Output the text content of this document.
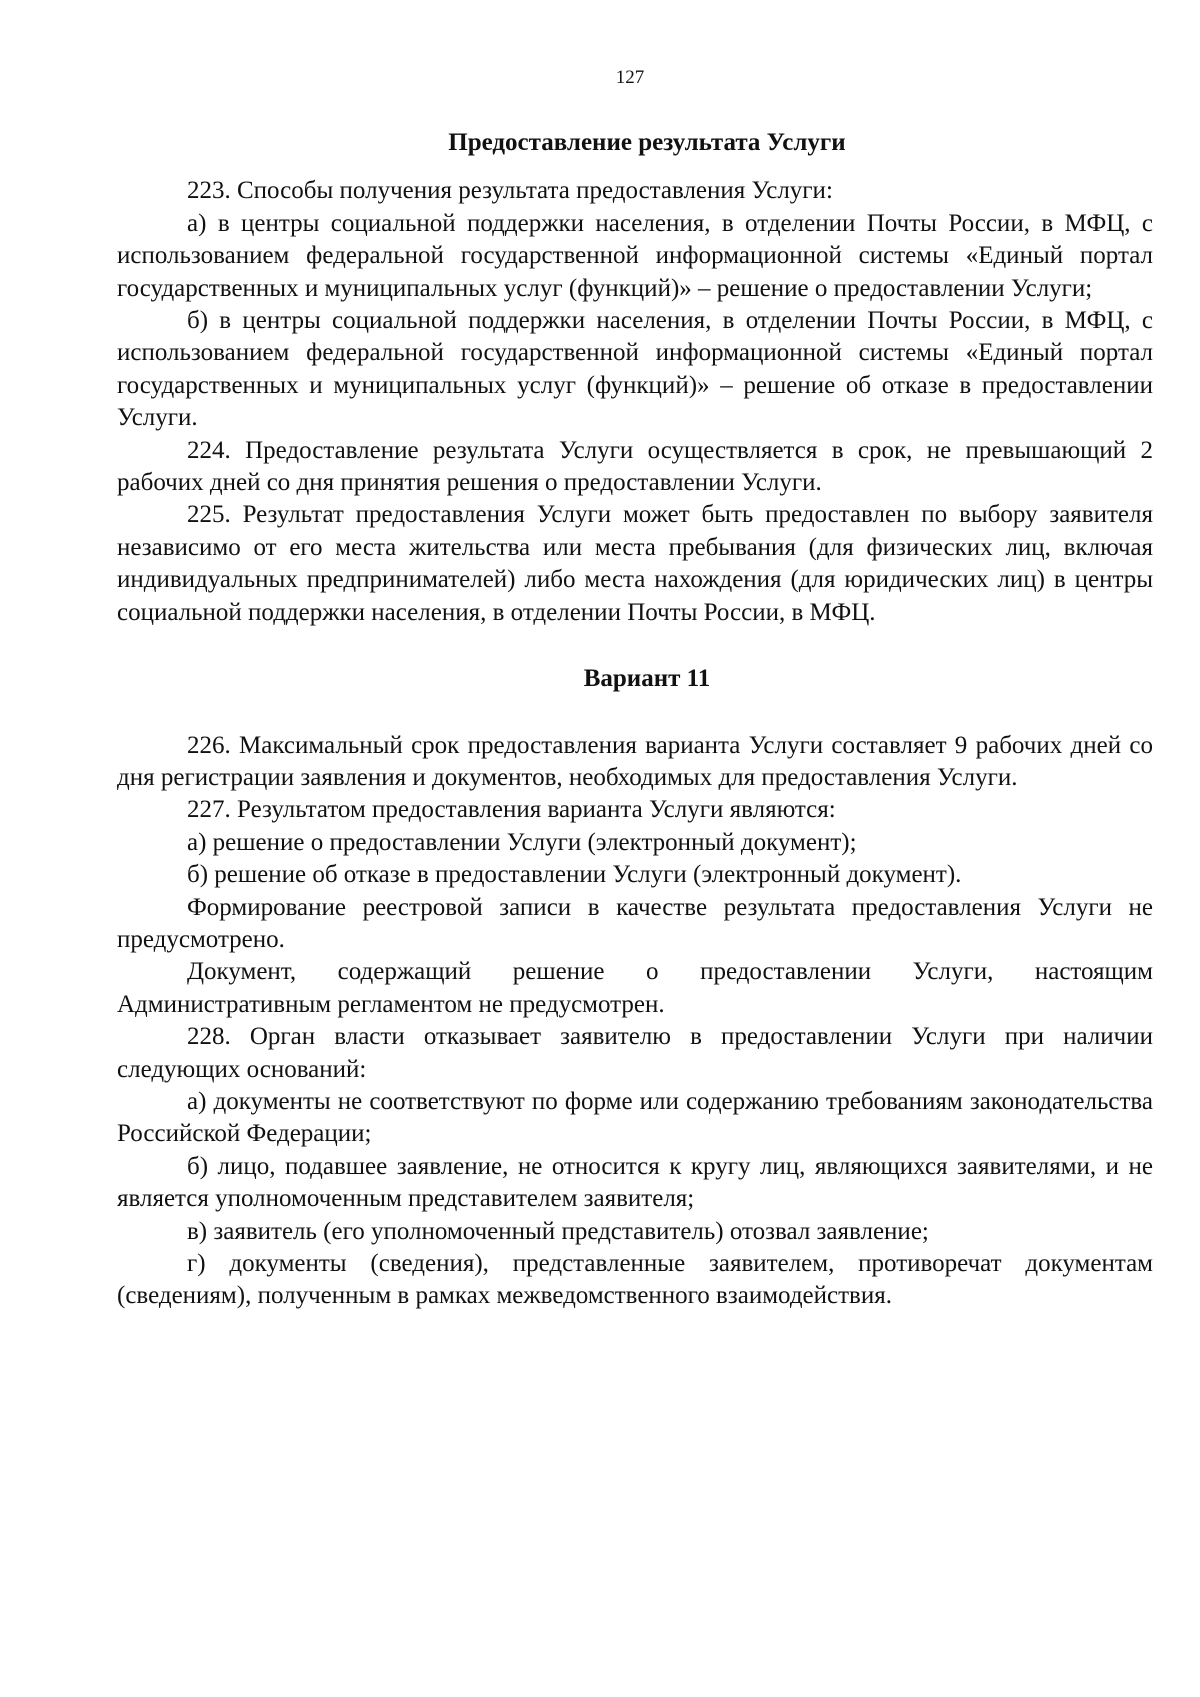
127

Предоставление результата Услуги

223. Способы получения результата предоставления Услуги:

а) в центры социальной поддержки населения, в отделении Почты России, в МФЦ, с использованием федеральной государственной информационной системы «Единый портал государственных и муниципальных услуг (функций)» – решение о предоставлении Услуги;

б) в центры социальной поддержки населения, в отделении Почты России, в МФЦ, с использованием федеральной государственной информационной системы «Единый портал государственных и муниципальных услуг (функций)» – решение об отказе в предоставлении Услуги.

224. Предоставление результата Услуги осуществляется в срок, не превышающий 2 рабочих дней со дня принятия решения о предоставлении Услуги.

225. Результат предоставления Услуги может быть предоставлен по выбору заявителя независимо от его места жительства или места пребывания (для физических лиц, включая индивидуальных предпринимателей) либо места нахождения (для юридических лиц) в центры социальной поддержки населения, в отделении Почты России, в МФЦ.

Вариант 11

226. Максимальный срок предоставления варианта Услуги составляет 9 рабочих дней со дня регистрации заявления и документов, необходимых для предоставления Услуги.

227. Результатом предоставления варианта Услуги являются:

а) решение о предоставлении Услуги (электронный документ);

б) решение об отказе в предоставлении Услуги (электронный документ).

Формирование реестровой записи в качестве результата предоставления Услуги не предусмотрено.

Документ, содержащий решение о предоставлении Услуги, настоящим Административным регламентом не предусмотрен.

228. Орган власти отказывает заявителю в предоставлении Услуги при наличии следующих оснований:

а) документы не соответствуют по форме или содержанию требованиям законодательства Российской Федерации;

б) лицо, подавшее заявление, не относится к кругу лиц, являющихся заявителями, и не является уполномоченным представителем заявителя;

в) заявитель (его уполномоченный представитель) отозвал заявление;

г) документы (сведения), представленные заявителем, противоречат документам (сведениям), полученным в рамках межведомственного взаимодействия.
